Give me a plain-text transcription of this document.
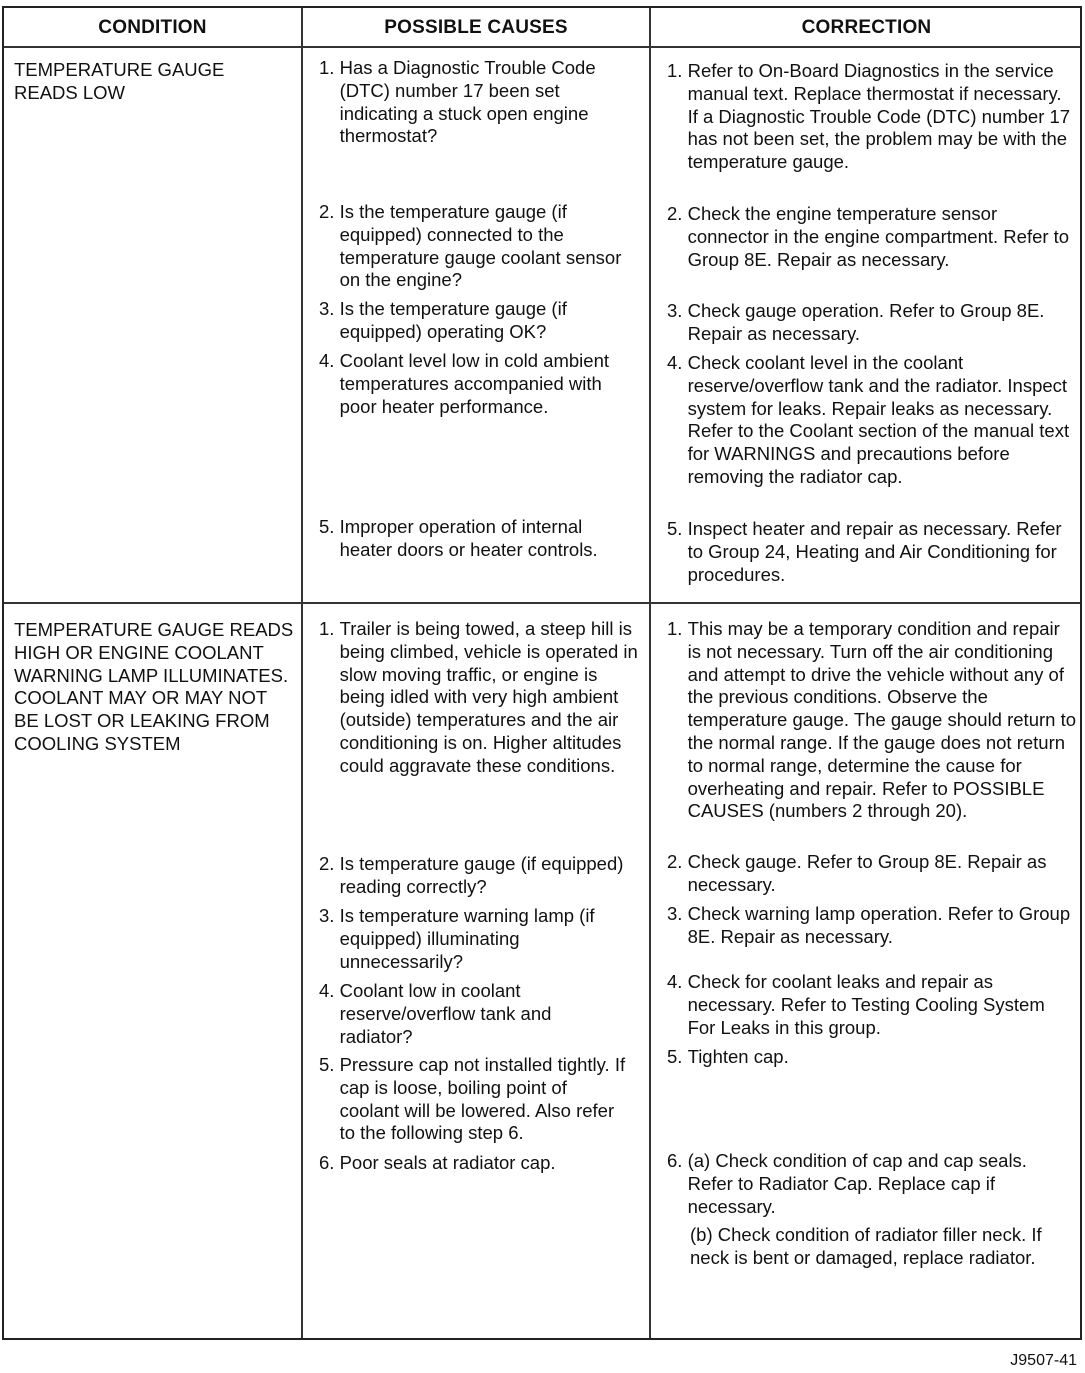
CONDITION	POSSIBLE CAUSES	CORRECTION
TEMPERATURE GAUGE READS LOW
1.
Has a Diagnostic Trouble Code (DTC) number 17 been set indicating a stuck open engine thermostat?
2.
Is the temperature gauge (if equipped) connected to the temperature gauge coolant sensor on the engine?
3.
Is the temperature gauge (if equipped) operating OK?
4.
Coolant level low in cold ambient temperatures accompanied with poor heater performance.
5.
Improper operation of internal heater doors or heater controls.
1.
Refer to On-Board Diagnostics in the service manual text. Replace thermostat if necessary. If a Diagnostic Trouble Code (DTC) number 17 has not been set, the problem may be with the temperature gauge.
2.
Check the engine temperature sensor connector in the engine compartment. Refer to Group 8E. Repair as necessary.
3.
Check gauge operation. Refer to Group 8E. Repair as necessary.
4.
Check coolant level in the coolant reserve/overflow tank and the radiator. Inspect system for leaks. Repair leaks as necessary. Refer to the Coolant section of the manual text for WARNINGS and precautions before removing the radiator cap.
5.
Inspect heater and repair as necessary. Refer to Group 24, Heating and Air Conditioning for procedures.
TEMPERATURE GAUGE READS HIGH OR ENGINE COOLANT WARNING LAMP ILLUMINATES. COOLANT MAY OR MAY NOT BE LOST OR LEAKING FROM COOLING SYSTEM
1.
Trailer is being towed, a steep hill is being climbed, vehicle is operated in slow moving traffic, or engine is being idled with very high ambient (outside) temperatures and the air conditioning is on. Higher altitudes could aggravate these conditions.
2.
Is temperature gauge (if equipped) reading correctly?
3.
Is temperature warning lamp (if equipped) illuminating unnecessarily?
4.
Coolant low in coolant reserve/overflow tank and radiator?
5.
Pressure cap not installed tightly. If cap is loose, boiling point of coolant will be lowered. Also refer to the following step 6.
6.
Poor seals at radiator cap.
1.
This may be a temporary condition and repair is not necessary. Turn off the air conditioning and attempt to drive the vehicle without any of the previous conditions. Observe the temperature gauge. The gauge should return to the normal range. If the gauge does not return to normal range, determine the cause for overheating and repair. Refer to POSSIBLE CAUSES (numbers 2 through 20).
2.
Check gauge. Refer to Group 8E. Repair as necessary.
3.
Check warning lamp operation. Refer to Group 8E. Repair as necessary.
4.
Check for coolant leaks and repair as necessary. Refer to Testing Cooling System For Leaks in this group.
5.
Tighten cap.
6.
(a) Check condition of cap and cap seals. Refer to Radiator Cap. Replace cap if necessary.
(b) Check condition of radiator filler neck. If neck is bent or damaged, replace radiator.
J9507-41
